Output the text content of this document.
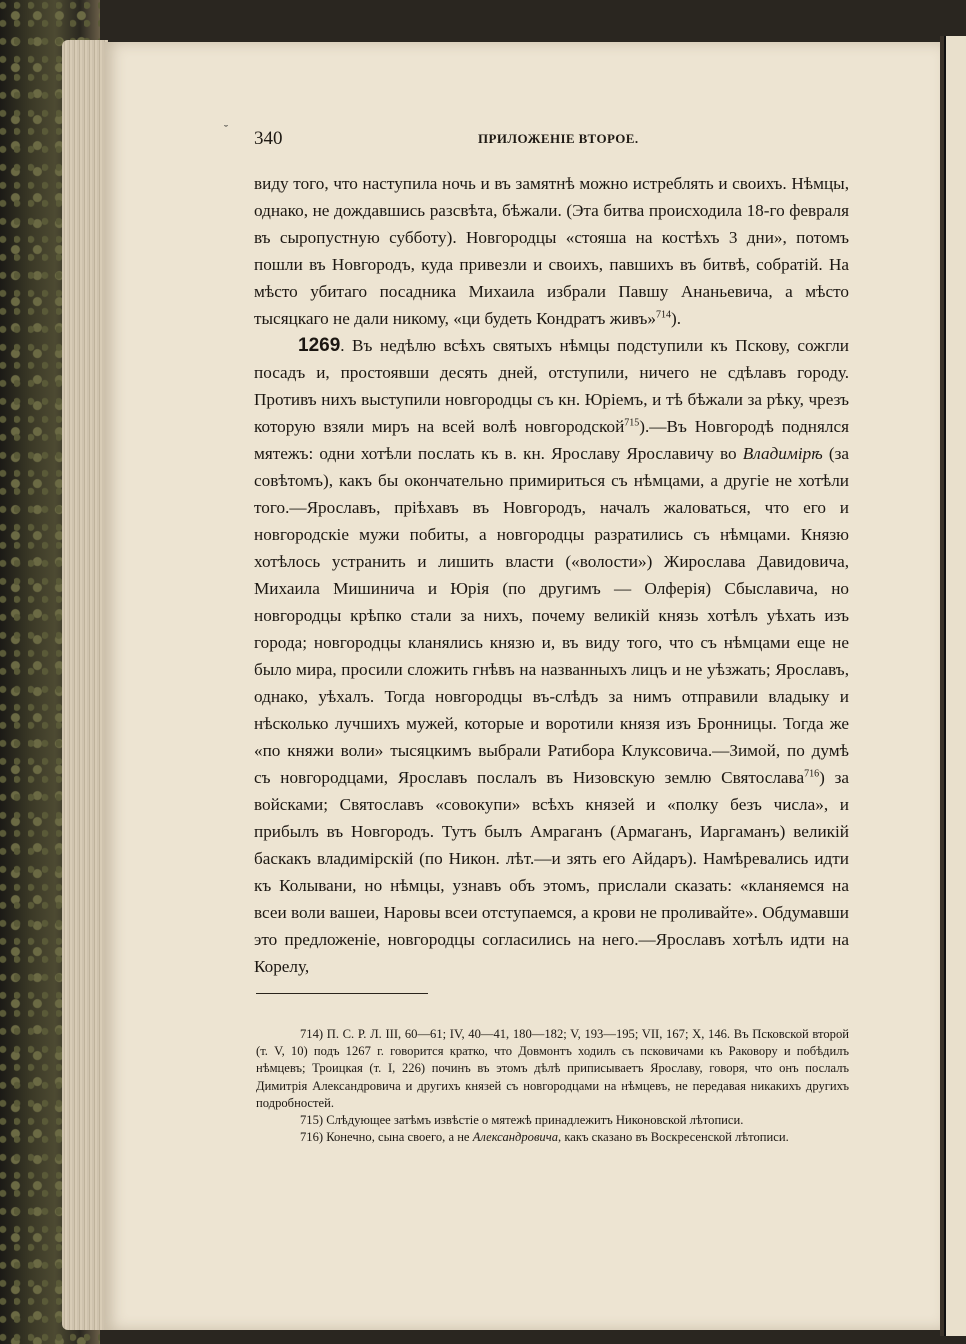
˘ 340	ПРИЛОЖЕНІЕ ВТОРОЕ.

виду того, что наступила ночь и въ замятнѣ можно истреблять и своихъ. Нѣмцы, однако, не дождавшись разсвѣта, бѣжали. (Эта битва происходила 18-го февраля въ сыропустную субботу). Новгородцы «стояша на костѣхъ 3 дни», потомъ пошли въ Новгородъ, куда привезли и своихъ, павшихъ въ битвѣ, собратій. На мѣсто убитаго посадника Михаила избрали Павшу Ананьевича, а мѣсто тысяцкаго не дали никому, «ци будеть Кондратъ живъ»$^{714}$).

1269. Въ недѣлю всѣхъ святыхъ нѣмцы подступили къ Пскову, сожгли посадъ и, простоявши десять дней, отступили, ничего не сдѣлавъ городу. Противъ нихъ выступили новгородцы съ кн. Юріемъ, и тѣ бѣжали за рѣку, чрезъ которую взяли миръ на всей волѣ новгородской$^{715}$).—Въ Новгородѣ поднялся мятежъ: одни хотѣли послать къ в. кн. Ярославу Ярославичу во Владимірѣ (за совѣтомъ), какъ бы окончательно примириться съ нѣмцами, а другіе не хотѣли того.—Ярославъ, пріѣхавъ въ Новгородъ, началъ жаловаться, что его и новгородскіе мужи побиты, а новгородцы разратились съ нѣмцами. Князю хотѣлось устранить и лишить власти («волости») Жирослава Давидовича, Михаила Мишинича и Юрія (по другимъ — Олферія) Сбыславича, но новгородцы крѣпко стали за нихъ, почему великій князь хотѣлъ уѣхать изъ города; новгородцы кланялись князю и, въ виду того, что съ нѣмцами еще не было мира, просили сложить гнѣвъ на названныхъ лицъ и не уѣзжать; Ярославъ, однако, уѣхалъ. Тогда новгородцы въ-слѣдъ за нимъ отправили владыку и нѣсколько лучшихъ мужей, которые и воротили князя изъ Бронницы. Тогда же «по княжи воли» тысяцкимъ выбрали Ратибора Клуксовича.—Зимой, по думѣ съ новгородцами, Ярославъ послалъ въ Низовскую землю Святослава$^{716}$) за войсками; Святославъ «совокупи» всѣхъ князей и «полку безъ числа», и прибылъ въ Новгородъ. Тутъ былъ Амраганъ (Армаганъ, Иаргаманъ) великій баскакъ владимірскій (по Никон. лѣт.—и зять его Айдаръ). Намѣревались идти къ Колывани, но нѣмцы, узнавъ объ этомъ, прислали сказать: «кланяемся на всеи воли вашеи, Наровы всеи отступаемся, а крови не проливайте». Обдумавши это предложеніе, новгородцы согласились на него.—Ярославъ хотѣлъ идти на Корелу,

714) П. С. Р. Л. III, 60—61; IV, 40—41, 180—182; V, 193—195; VII, 167; X, 146. Въ Псковской второй (т. V, 10) подъ 1267 г. говорится кратко, что Довмонтъ ходилъ съ псковичами къ Раковору и побѣдилъ нѣмцевъ; Троицкая (т. I, 226) починъ въ этомъ дѣлѣ приписываетъ Ярославу, говоря, что онъ послалъ Димитрія Александровича и другихъ князей съ новгородцами на нѣмцевъ, не передавая никакихъ другихъ подробностей.

715) Слѣдующее затѣмъ извѣстіе о мятежѣ принадлежитъ Никоновской лѣтописи.

716) Конечно, сына своего, а не Александровича, какъ сказано въ Воскресенской лѣтописи.
